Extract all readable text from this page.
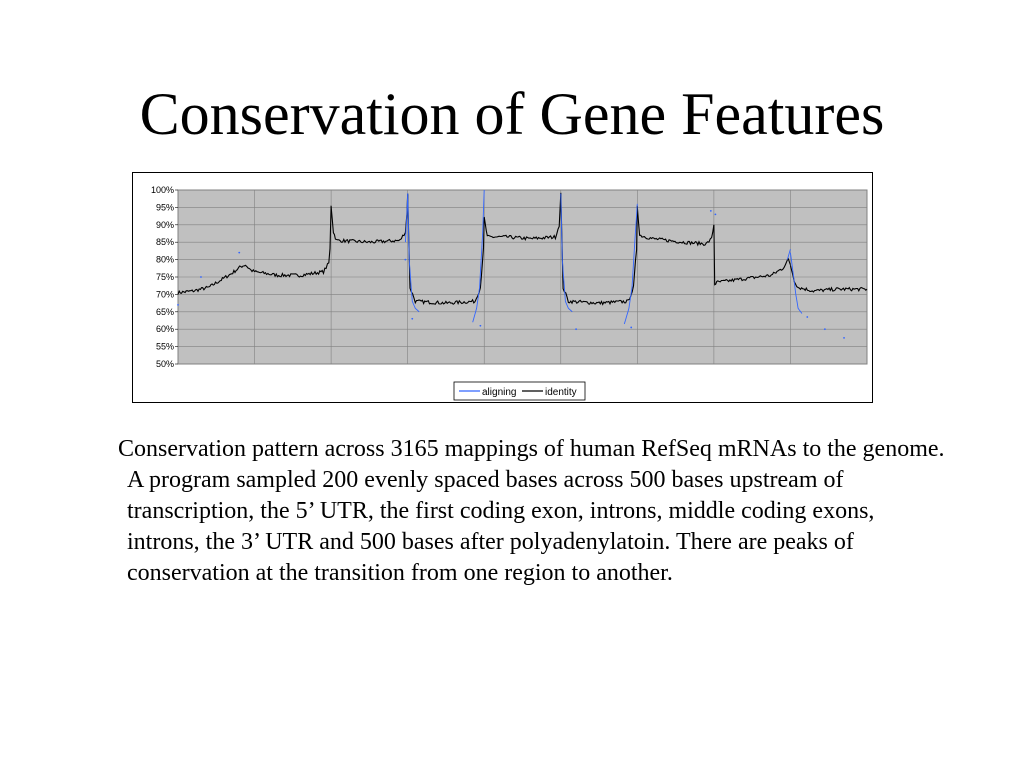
Conservation of Gene Features
50%
55%
60%
65%
70%
75%
80%
85%
90%
95%
100%
aligning	identity
Conservation pattern across 3165 mappings of human RefSeq mRNAs to the genome. A program sampled 200 evenly spaced bases across 500 bases upstream of transcription, the 5’ UTR, the first coding exon, introns, middle coding exons, introns, the 3’ UTR and 500 bases after polyadenylatoin. There are peaks of conservation at the transition from one region to another.
